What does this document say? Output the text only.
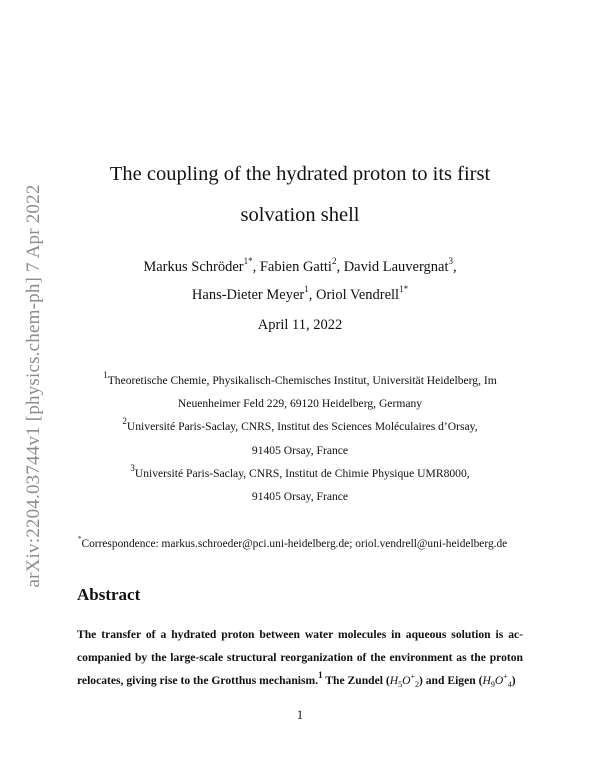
arXiv:2204.03744v1 [physics.chem-ph] 7 Apr 2022
The coupling of the hydrated proton to its first
solvation shell
Markus Schröder$^{1*}$, Fabien Gatti$^2$, David Lauvergnat$^3$,
Hans-Dieter Meyer$^1$, Oriol Vendrell$^{1*}$
April 11, 2022
$^1$Theoretische Chemie, Physikalisch-Chemisches Institut, Universität Heidelberg, Im
Neuenheimer Feld 229, 69120 Heidelberg, Germany
$^2$Université Paris-Saclay, CNRS, Institut des Sciences Moléculaires d’Orsay,
91405 Orsay, France
$^3$Université Paris-Saclay, CNRS, Institut de Chimie Physique UMR8000,
91405 Orsay, France
*Correspondence: markus.schroeder@pci.uni-heidelberg.de; oriol.vendrell@uni-heidelberg.de
Abstract
The transfer of a hydrated proton between water molecules in aqueous solution is ac-
companied by the large-scale structural reorganization of the environment as the proton
relocates, giving rise to the Grotthus mechanism.$^1$ The Zundel $(H_5O^+_2)$ and Eigen $(H_9O^+_4)$
1
